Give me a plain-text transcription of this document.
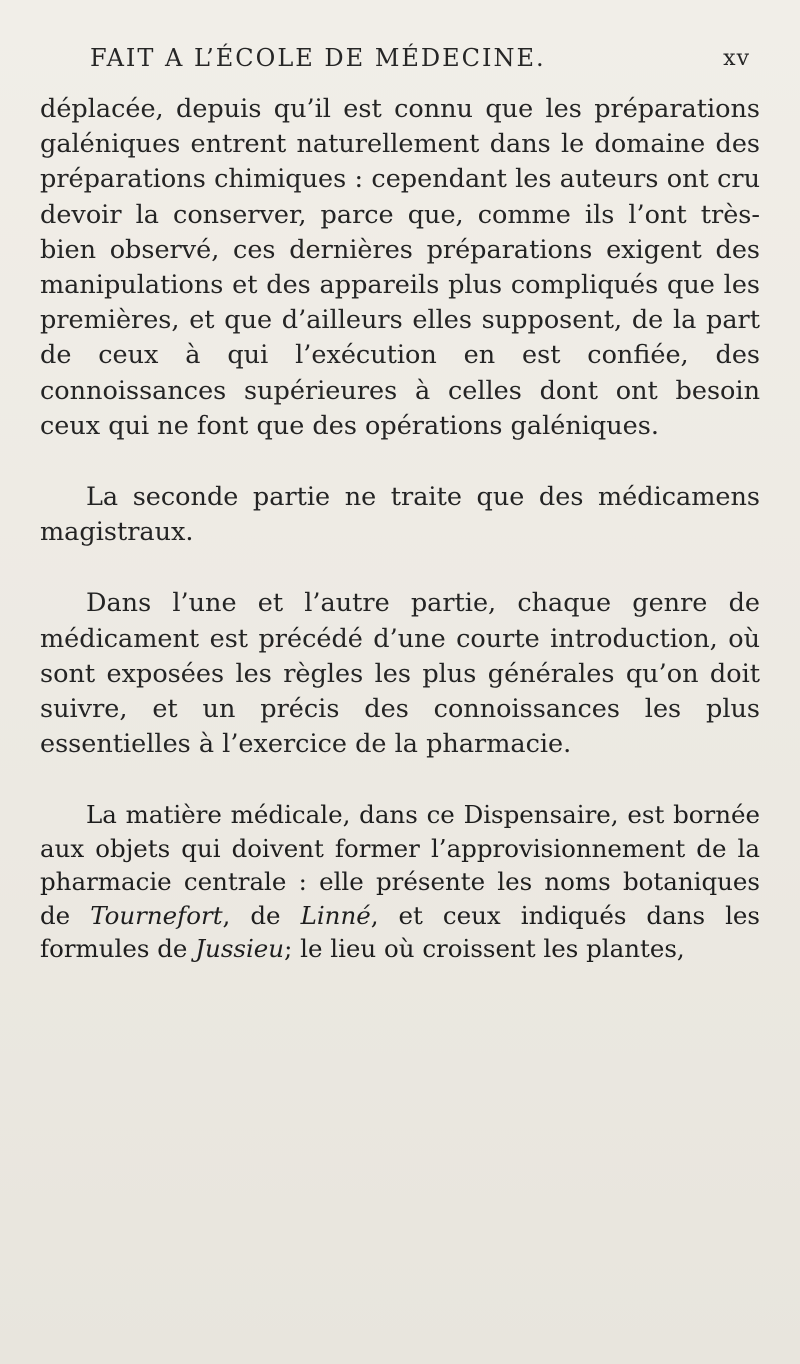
FAIT A L’ÉCOLE DE MÉDECINE.	xv

déplacée, depuis qu’il est connu que les préparations galéniques entrent naturellement dans le domaine des préparations chimiques : cependant les auteurs ont cru devoir la conserver, parce que, comme ils l’ont très-bien observé, ces dernières préparations exigent des manipulations et des appareils plus compliqués que les premières, et que d’ailleurs elles supposent, de la part de ceux à qui l’exécution en est confiée, des connoissances supérieures à celles dont ont besoin ceux qui ne font que des opérations galéniques.

La seconde partie ne traite que des médicamens magistraux.

Dans l’une et l’autre partie, chaque genre de médicament est précédé d’une courte introduction, où sont exposées les règles les plus générales qu’on doit suivre, et un précis des connoissances les plus essentielles à l’exercice de la pharmacie.

La matière médicale, dans ce Dispensaire, est bornée aux objets qui doivent former l’approvisionnement de la pharmacie centrale : elle présente les noms botaniques de Tournefort, de Linné, et ceux indiqués dans les formules de Jussieu; le lieu où croissent les plantes,
